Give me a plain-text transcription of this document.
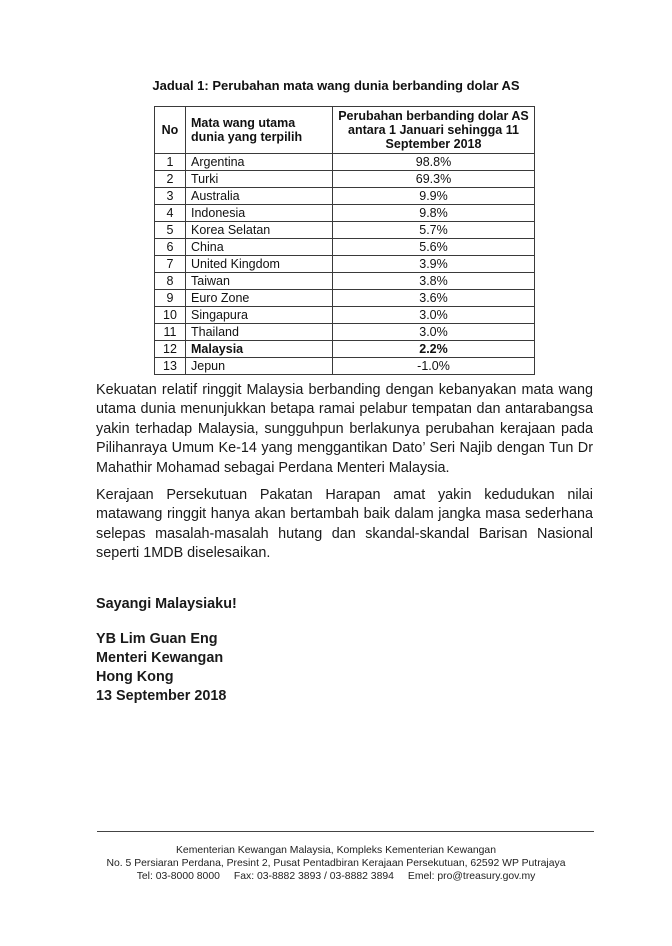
Jadual 1: Perubahan mata wang dunia berbanding dolar AS
No	Mata wang utama dunia yang terpilih	Perubahan berbanding dolar AS antara 1 Januari sehingga 11 September 2018
1	Argentina	98.8%
2	Turki	69.3%
3	Australia	9.9%
4	Indonesia	9.8%
5	Korea Selatan	5.7%
6	China	5.6%
7	United Kingdom	3.9%
8	Taiwan	3.8%
9	Euro Zone	3.6%
10	Singapura	3.0%
11	Thailand	3.0%
12	Malaysia	2.2%
13	Jepun	-1.0%
Kekuatan relatif ringgit Malaysia berbanding dengan kebanyakan mata wang utama dunia menunjukkan betapa ramai pelabur tempatan dan antarabangsa yakin terhadap Malaysia, sungguhpun berlakunya perubahan kerajaan pada Pilihanraya Umum Ke-14 yang menggantikan Dato’ Seri Najib dengan Tun Dr Mahathir Mohamad sebagai Perdana Menteri Malaysia.
Kerajaan Persekutuan Pakatan Harapan amat yakin kedudukan nilai matawang ringgit hanya akan bertambah baik dalam jangka masa sederhana selepas masalah-masalah hutang dan skandal-skandal Barisan Nasional seperti 1MDB diselesaikan.
Sayangi Malaysiaku!
YB Lim Guan Eng
Menteri Kewangan
Hong Kong
13 September 2018
Kementerian Kewangan Malaysia, Kompleks Kementerian Kewangan
No. 5 Persiaran Perdana, Presint 2, Pusat Pentadbiran Kerajaan Persekutuan, 62592 WP Putrajaya
Tel: 03-8000 8000 Fax: 03-8882 3893 / 03-8882 3894 Emel: pro@treasury.gov.my
